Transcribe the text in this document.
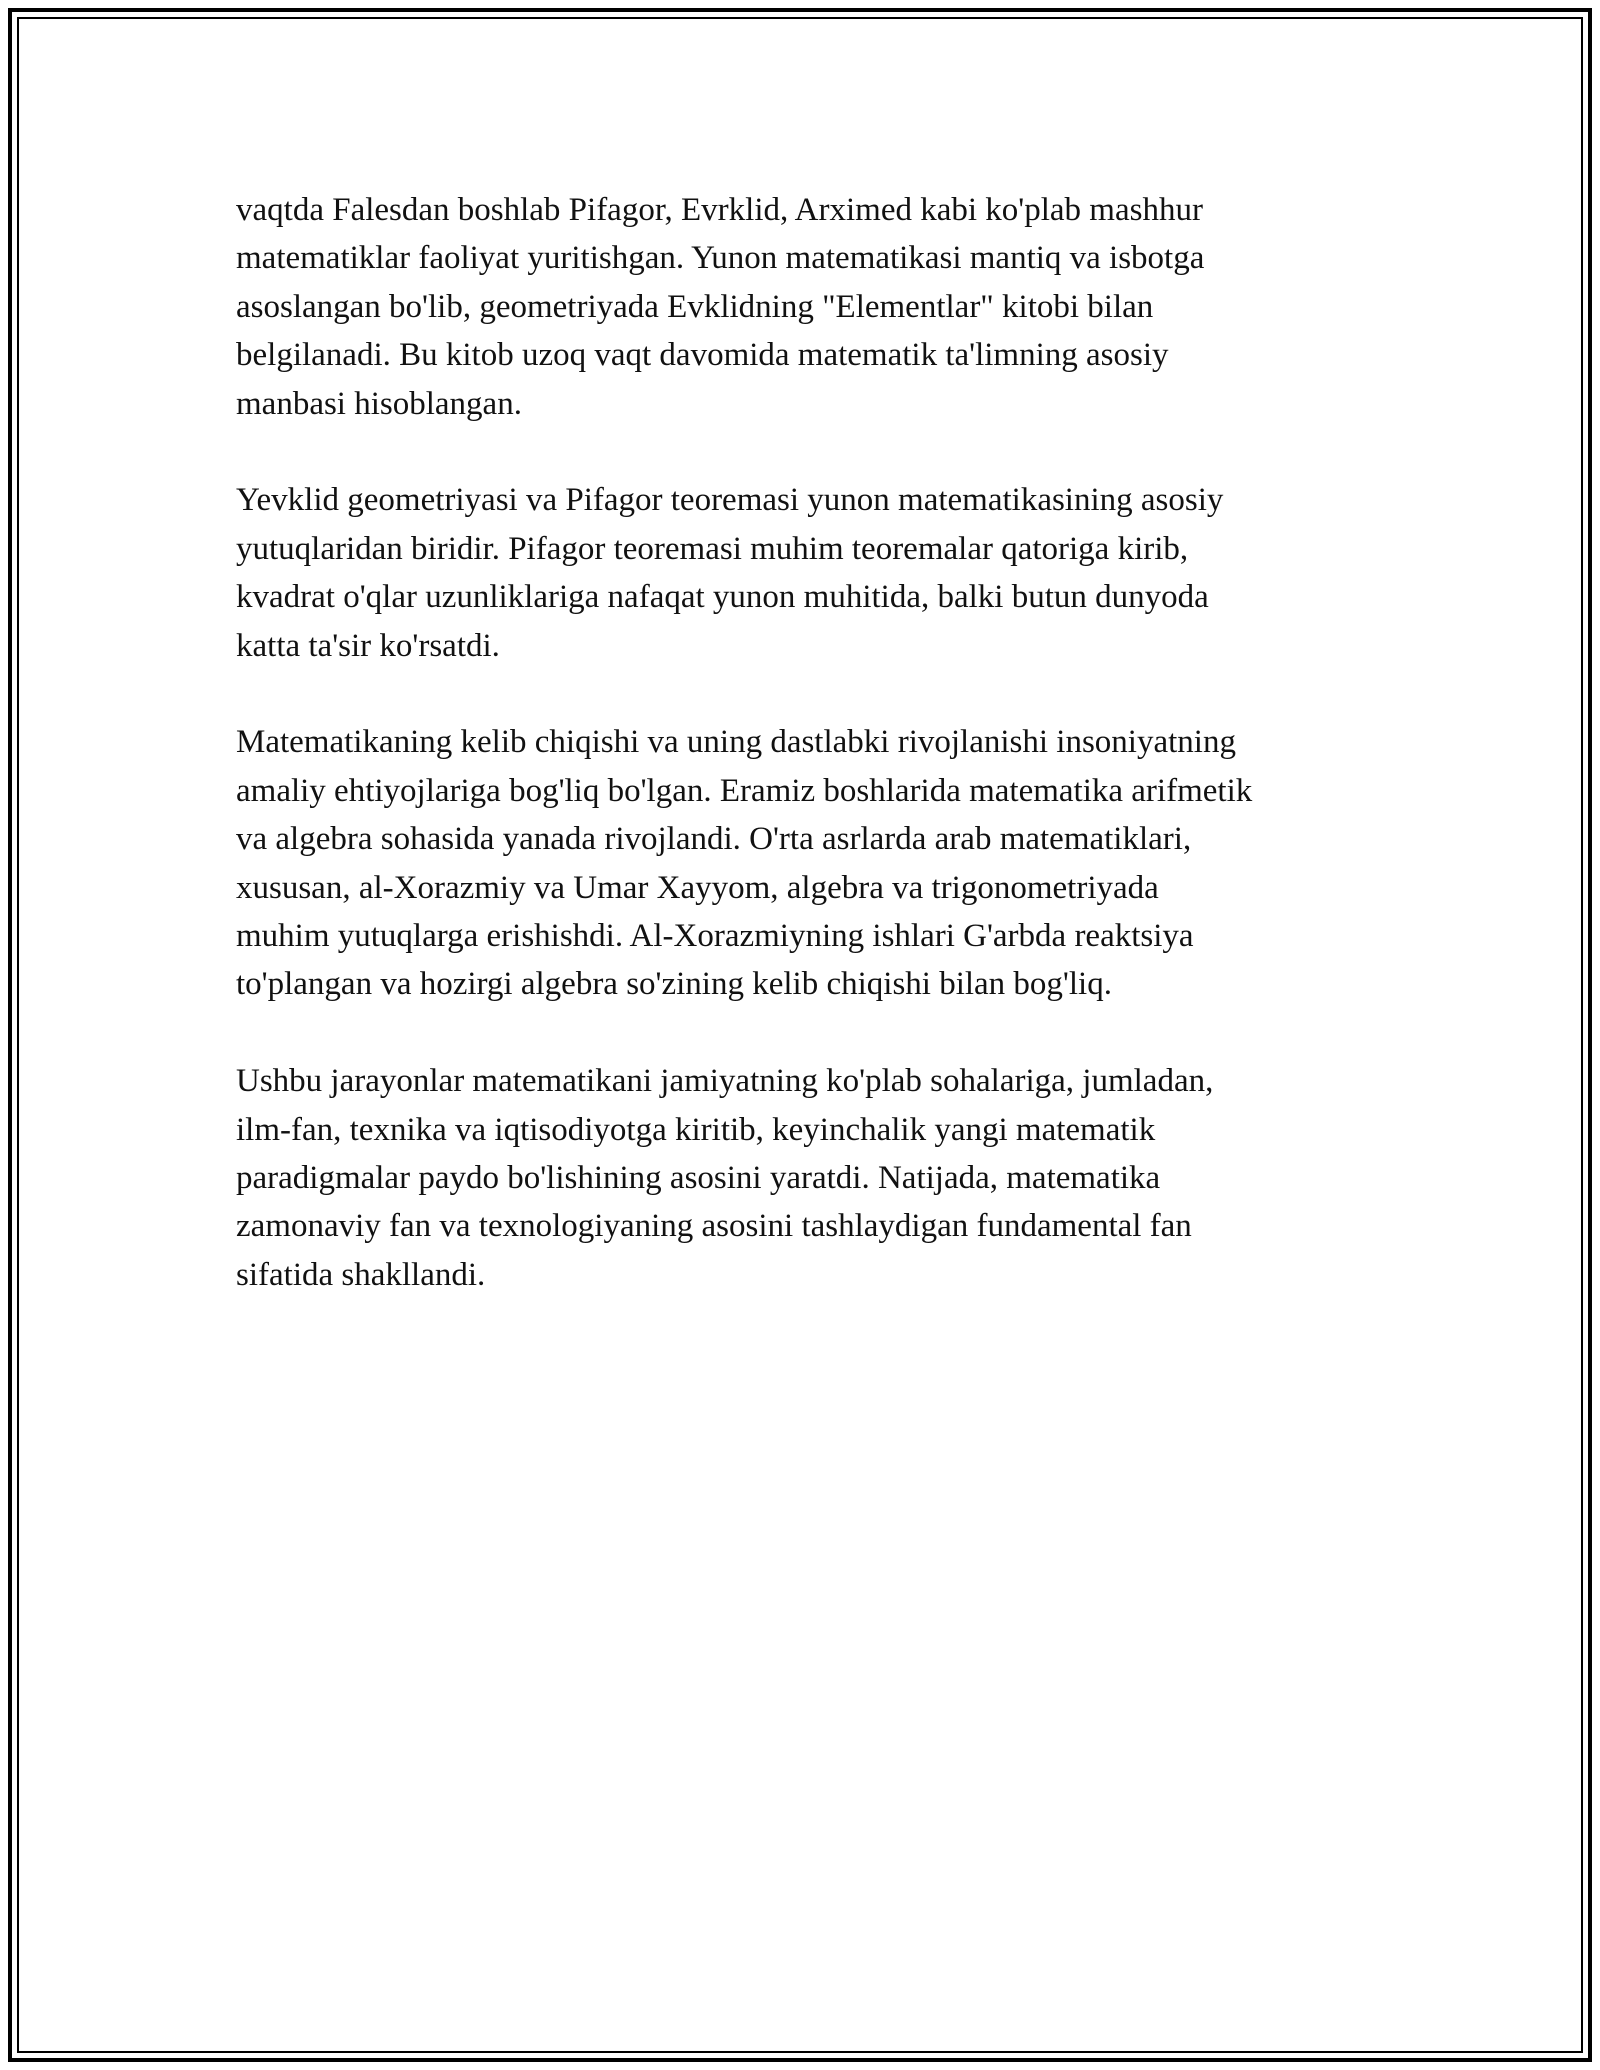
vaqtda Falesdan boshlab Pifagor, Evrklid, Arximed kabi ko'plab mashhur
matematiklar faoliyat yuritishgan. Yunon matematikasi mantiq va isbotga
asoslangan bo'lib, geometriyada Evklidning "Elementlar" kitobi bilan
belgilanadi. Bu kitob uzoq vaqt davomida matematik ta'limning asosiy
manbasi hisoblangan.

Yevklid geometriyasi va Pifagor teoremasi yunon matematikasining asosiy
yutuqlaridan biridir. Pifagor teoremasi muhim teoremalar qatoriga kirib,
kvadrat o'qlar uzunliklariga nafaqat yunon muhitida, balki butun dunyoda
katta ta'sir ko'rsatdi.

Matematikaning kelib chiqishi va uning dastlabki rivojlanishi insoniyatning
amaliy ehtiyojlariga bog'liq bo'lgan. Eramiz boshlarida matematika arifmetik
va algebra sohasida yanada rivojlandi. O'rta asrlarda arab matematiklari,
xususan, al-Xorazmiy va Umar Xayyom, algebra va trigonometriyada
muhim yutuqlarga erishishdi. Al-Xorazmiyning ishlari G'arbda reaktsiya
to'plangan va hozirgi algebra so'zining kelib chiqishi bilan bog'liq.

Ushbu jarayonlar matematikani jamiyatning ko'plab sohalariga, jumladan,
ilm-fan, texnika va iqtisodiyotga kiritib, keyinchalik yangi matematik
paradigmalar paydo bo'lishining asosini yaratdi. Natijada, matematika
zamonaviy fan va texnologiyaning asosini tashlaydigan fundamental fan
sifatida shakllandi.
